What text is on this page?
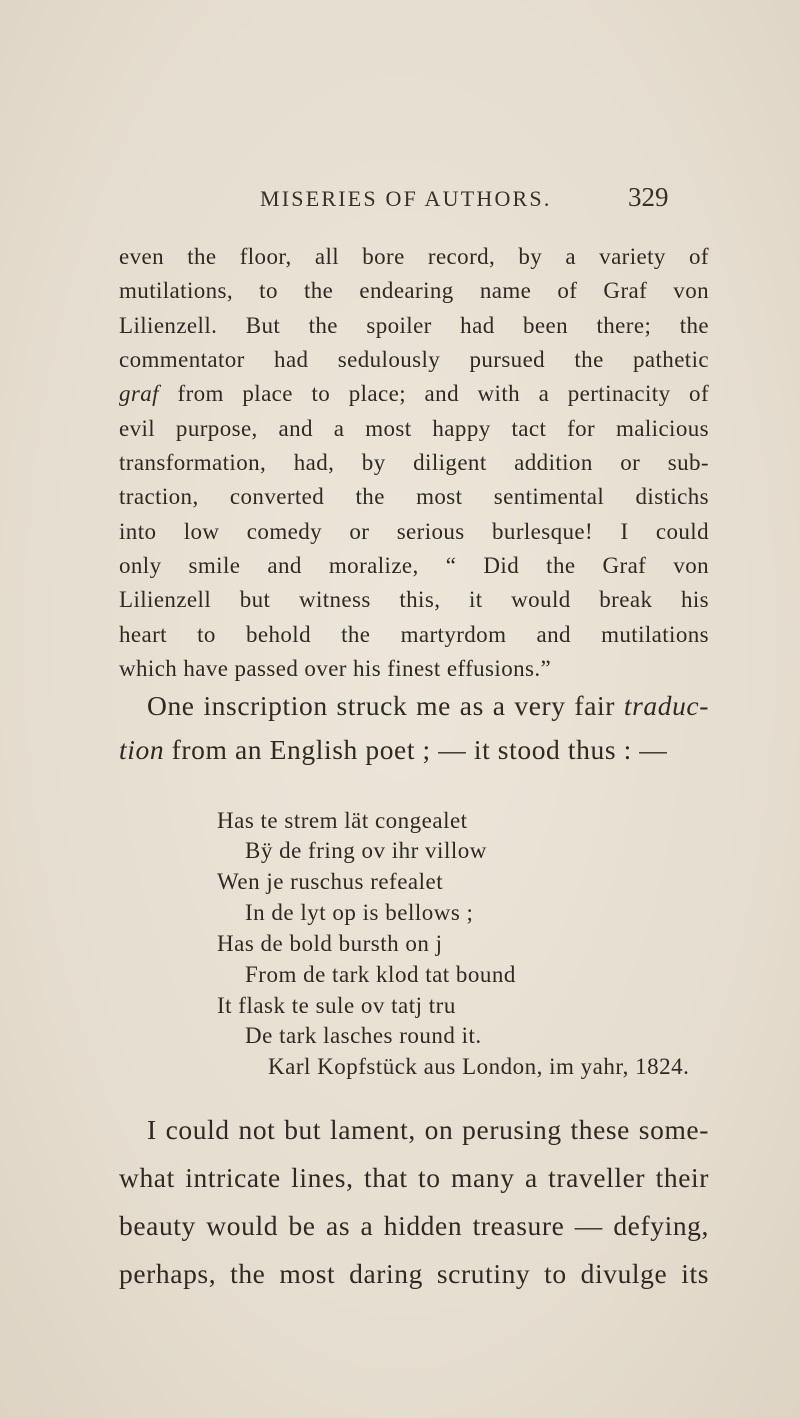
MISERIES OF AUTHORS.	329
even the floor, all bore record, by a variety of
mutilations, to the endearing name of Graf von
Lilienzell. But the spoiler had been there; the
commentator had sedulously pursued the pathetic
graf from place to place; and with a pertinacity of
evil purpose, and a most happy tact for malicious
transformation, had, by diligent addition or sub-
traction, converted the most sentimental distichs
into low comedy or serious burlesque! I could
only smile and moralize, “ Did the Graf von
Lilienzell but witness this, it would break his
heart to behold the martyrdom and mutilations
which have passed over his finest effusions.”
One inscription struck me as a very fair traduc-
tion from an English poet ; — it stood thus : —
Has te strem lät congealet
Bÿ de fring ov ihr villow
Wen je ruschus refealet
In de lyt op is bellows ;
Has de bold bursth on j
From de tark klod tat bound
It flask te sule ov tatj tru
De tark lasches round it.
Karl Kopfstück aus London, im yahr, 1824.
I could not but lament, on perusing these some-
what intricate lines, that to many a traveller their
beauty would be as a hidden treasure — defying,
perhaps, the most daring scrutiny to divulge its
